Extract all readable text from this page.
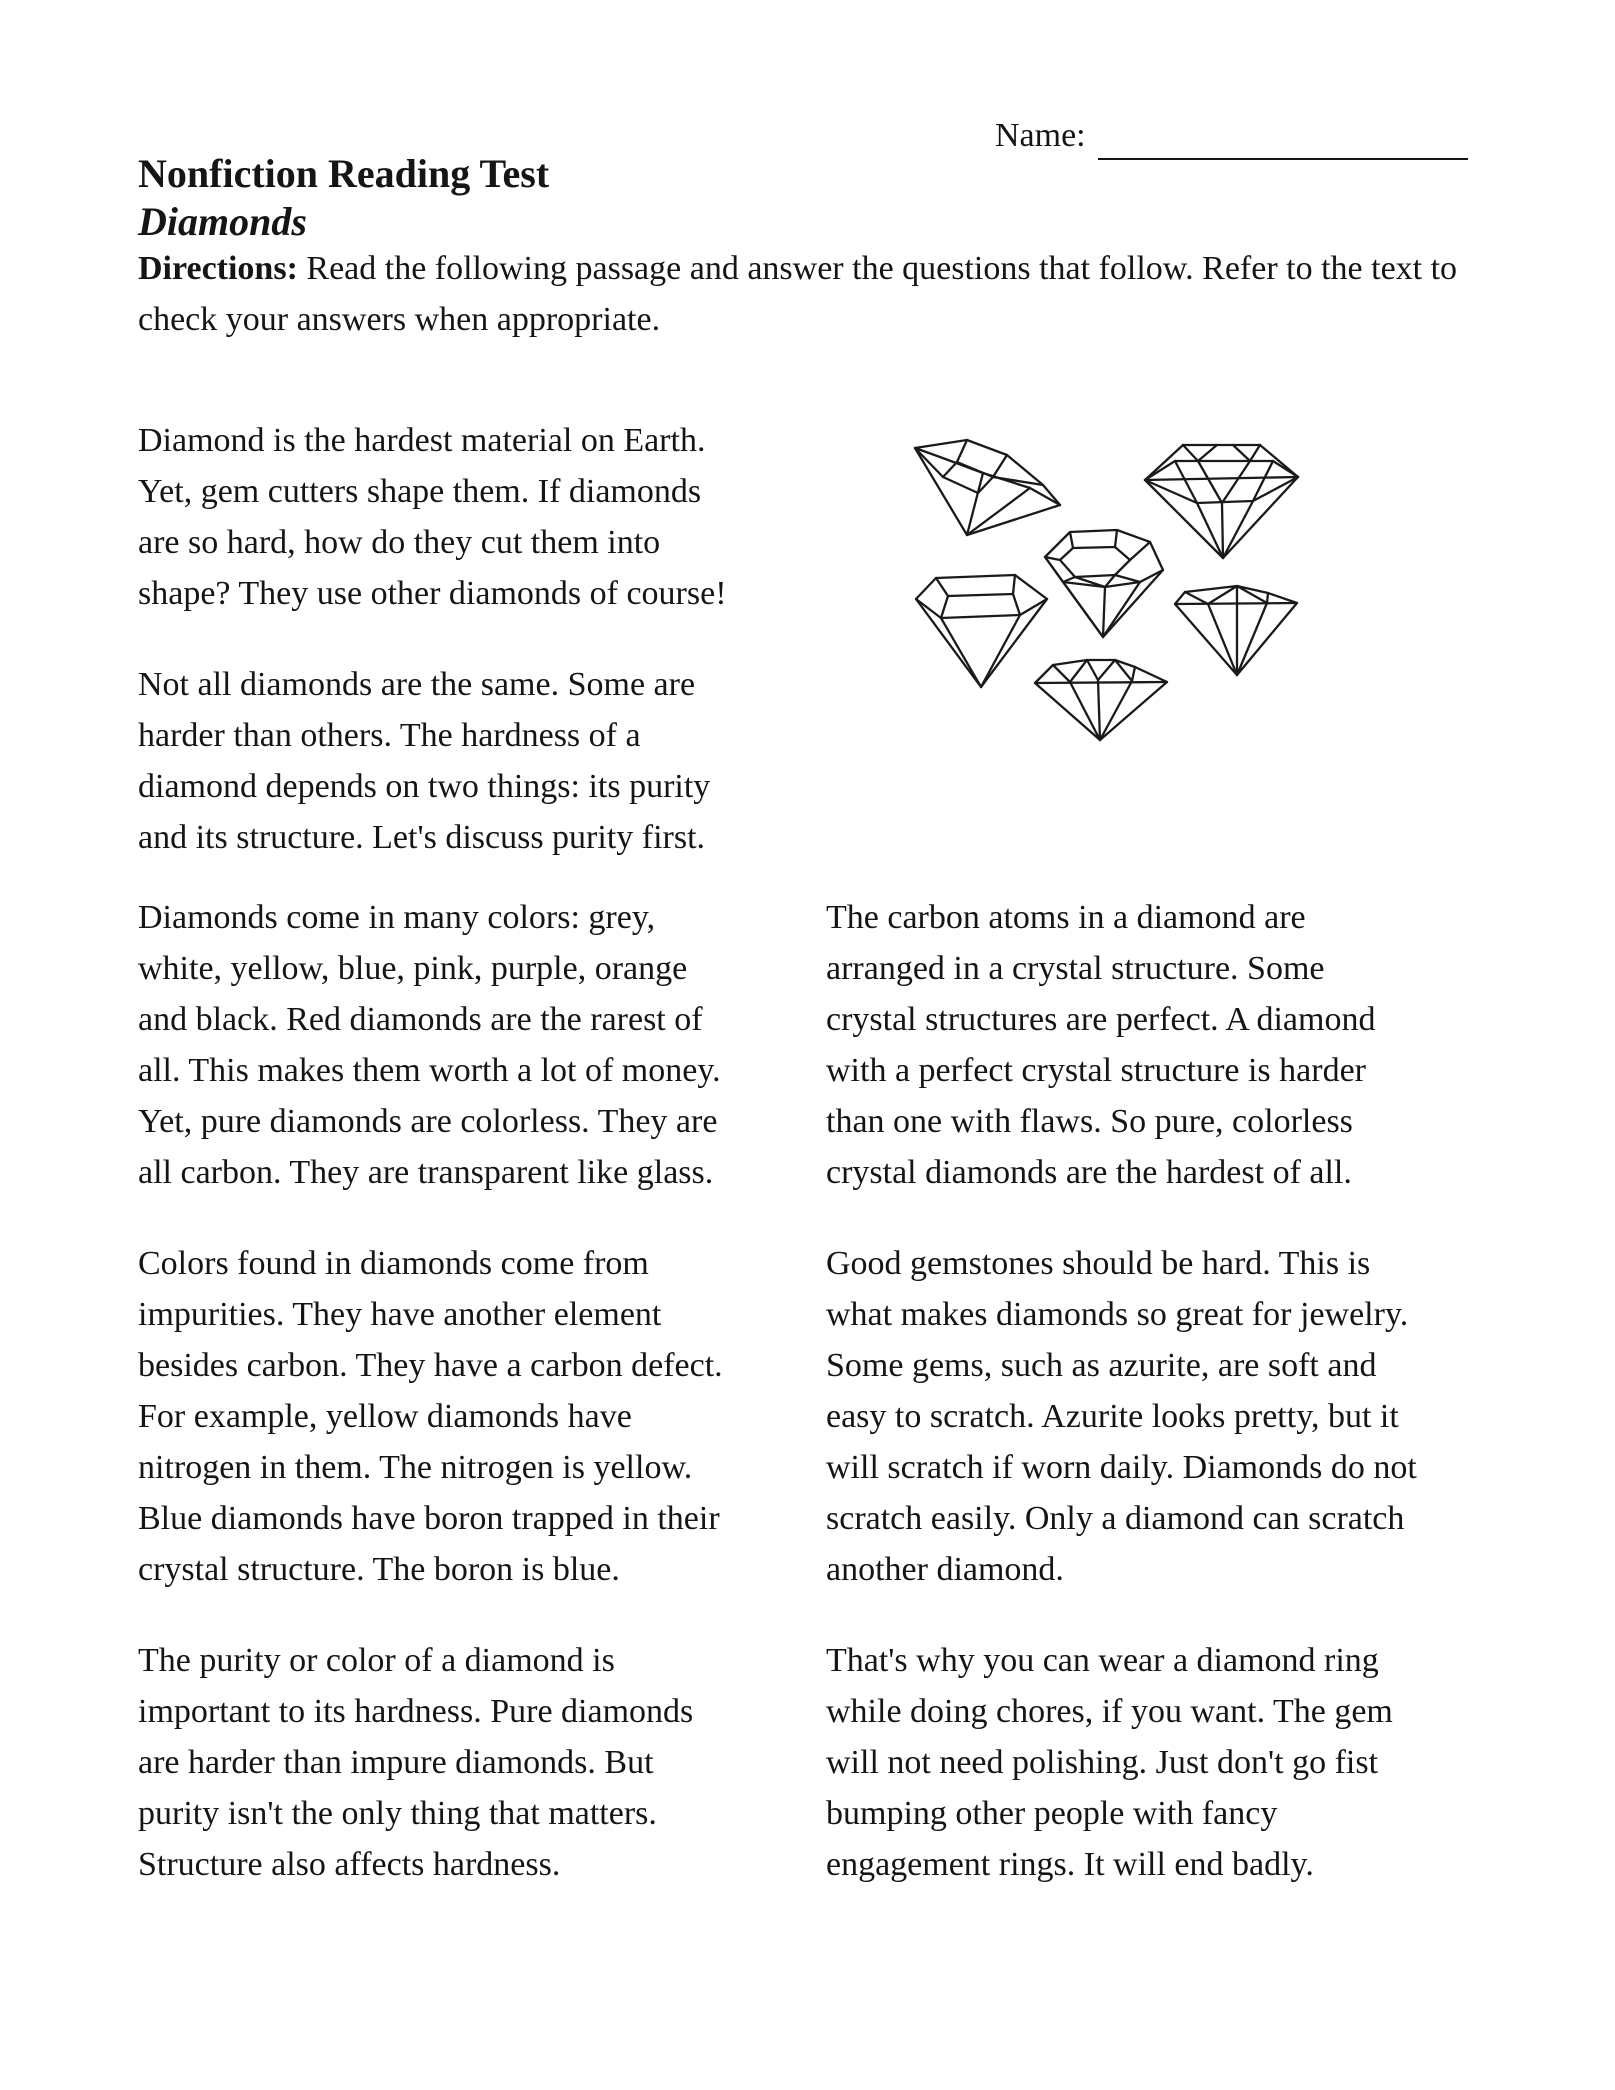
Name:
Nonfiction Reading Test
Diamonds

Directions: Read the following passage and answer the questions that follow. Refer to the text to check your answers when appropriate.

Diamond is the hardest material on Earth. Yet, gem cutters shape them. If diamonds are so hard, how do they cut them into shape? They use other diamonds of course!

Not all diamonds are the same. Some are harder than others. The hardness of a diamond depends on two things: its purity and its structure. Let's discuss purity first.

Diamonds come in many colors: grey, white, yellow, blue, pink, purple, orange and black. Red diamonds are the rarest of all. This makes them worth a lot of money. Yet, pure diamonds are colorless. They are all carbon. They are transparent like glass.

Colors found in diamonds come from impurities. They have another element besides carbon. They have a carbon defect. For example, yellow diamonds have nitrogen in them. The nitrogen is yellow. Blue diamonds have boron trapped in their crystal structure. The boron is blue.

The purity or color of a diamond is important to its hardness. Pure diamonds are harder than impure diamonds. But purity isn't the only thing that matters. Structure also affects hardness.

The carbon atoms in a diamond are arranged in a crystal structure. Some crystal structures are perfect. A diamond with a perfect crystal structure is harder than one with flaws. So pure, colorless crystal diamonds are the hardest of all.

Good gemstones should be hard. This is what makes diamonds so great for jewelry. Some gems, such as azurite, are soft and easy to scratch. Azurite looks pretty, but it will scratch if worn daily. Diamonds do not scratch easily. Only a diamond can scratch another diamond.

That's why you can wear a diamond ring while doing chores, if you want. The gem will not need polishing. Just don't go fist bumping other people with fancy engagement rings. It will end badly.
